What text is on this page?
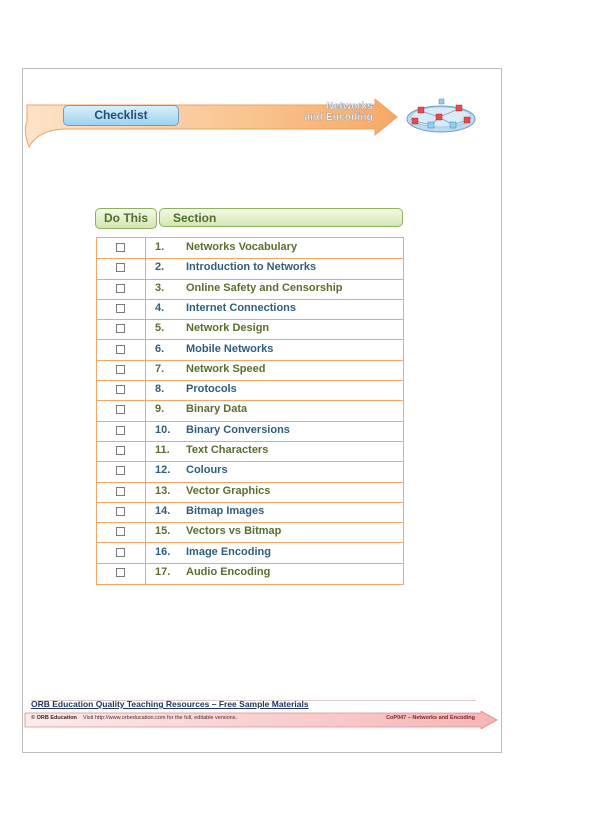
Checklist
Networks
and Encoding
Do This	Section
1.	Networks Vocabulary
2.	Introduction to Networks
3.	Online Safety and Censorship
4.	Internet Connections
5.	Network Design
6.	Mobile Networks
7.	Network Speed
8.	Protocols
9.	Binary Data
10.	Binary Conversions
11.	Text Characters
12.	Colours
13.	Vector Graphics
14.	Bitmap Images
15.	Vectors vs Bitmap
16.	Image Encoding
17.	Audio Encoding
ORB Education Quality Teaching Resources – Free Sample Materials
© ORB Education Visit http://www.orbeducation.com for the full, editable versions.	CoP047 – Networks and Encoding
